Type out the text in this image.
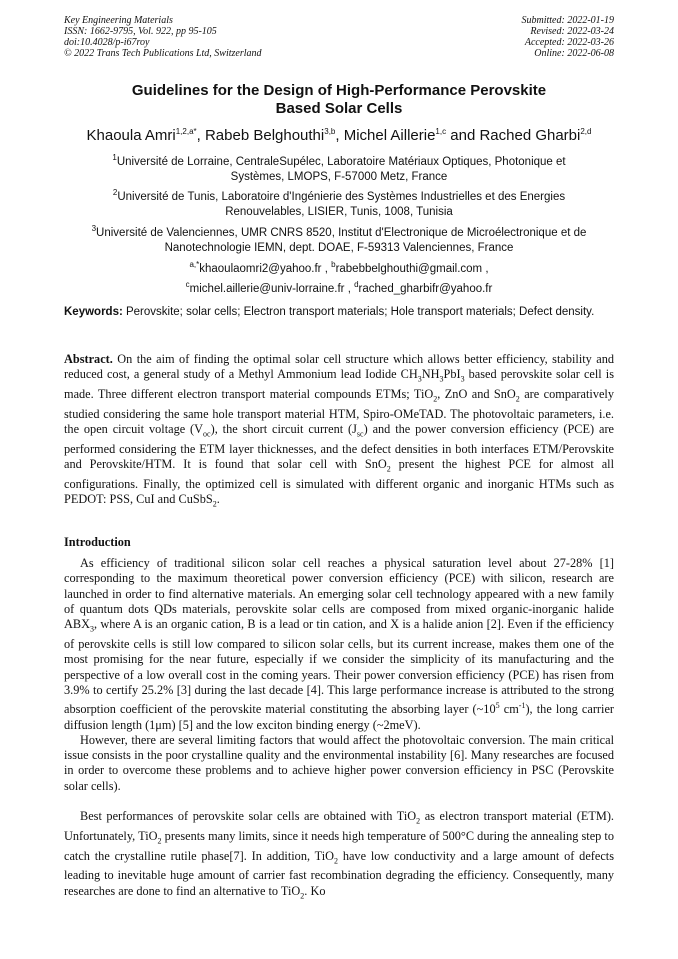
Key Engineering Materials
ISSN: 1662-9795, Vol. 922, pp 95-105
doi:10.4028/p-i67roy
© 2022 Trans Tech Publications Ltd, Switzerland
Submitted: 2022-01-19
Revised: 2022-03-24
Accepted: 2022-03-26
Online: 2022-06-08
Guidelines for the Design of High-Performance Perovskite
Based Solar Cells
Khaoula Amri$^{1,2,a*}$, Rabeb Belghouthi$^{3,b}$, Michel Aillerie$^{1,c}$ and Rached Gharbi$^{2,d}$
$^1$Université de Lorraine, CentraleSupélec, Laboratoire Matériaux Optiques, Photonique et
Systèmes, LMOPS, F-57000 Metz, France
$^2$Université de Tunis, Laboratoire d'Ingénierie des Systèmes Industrielles et des Energies
Renouvelables, LISIER, Tunis, 1008, Tunisia
$^3$Université de Valenciennes, UMR CNRS 8520, Institut d'Electronique de Microélectronique et de
Nanotechnologie IEMN, dept. DOAE, F-59313 Valenciennes, France
$^{a,*}$khaoulaomri2@yahoo.fr , $^b$rabebbelghouthi@gmail.com ,
$^c$michel.aillerie@univ-lorraine.fr , $^d$rached_gharbifr@yahoo.fr
Keywords: Perovskite; solar cells; Electron transport materials; Hole transport materials; Defect density.

Abstract. On the aim of finding the optimal solar cell structure which allows better efficiency, stability and reduced cost, a general study of a Methyl Ammonium lead Iodide $CH_3NH_3PbI_3$ based perovskite solar cell is made. Three different electron transport material compounds ETMs; TiO$_2$, ZnO and SnO$_2$ are comparatively studied considering the same hole transport material HTM, Spiro-OMeTAD. The photovoltaic parameters, i.e. the open circuit voltage $(V_{oc})$, the short circuit current $(J_{sc})$ and the power conversion efficiency (PCE) are performed considering the ETM layer thicknesses, and the defect densities in both interfaces ETM/Perovskite and Perovskite/HTM. It is found that solar cell with SnO$_2$ present the highest PCE for almost all configurations. Finally, the optimized cell is simulated with different organic and inorganic HTMs such as PEDOT: PSS, CuI and CuSbS$_2$.

Introduction

As efficiency of traditional silicon solar cell reaches a physical saturation level about 27-28% [1] corresponding to the maximum theoretical power conversion efficiency (PCE) with silicon, research are launched in order to find alternative materials. An emerging solar cell technology appeared with a new family of quantum dots QDs materials, perovskite solar cells are composed from mixed organic-inorganic halide $ABX_3$, where A is an organic cation, B is a lead or tin cation, and X is a halide anion [2]. Even if the efficiency of perovskite cells is still low compared to silicon solar cells, but its current increase, makes them one of the most promising for the near future, especially if we consider the simplicity of its manufacturing and the perspective of a low overall cost in the coming years. Their power conversion efficiency (PCE) has risen from 3.9% to certify 25.2% [3] during the last decade [4]. This large performance increase is attributed to the strong absorption coefficient of the perovskite material constituting the absorbing layer ($\sim 10^5$ $cm^{-1}$), the long carrier diffusion length (1μm) [5] and the low exciton binding energy (~2meV).

However, there are several limiting factors that would affect the photovoltaic conversion. The main critical issue consists in the poor crystalline quality and the environmental instability [6]. Many researches are focused in order to overcome these problems and to achieve higher power conversion efficiency in PSC (Perovskite solar cells).

Best performances of perovskite solar cells are obtained with TiO$_2$ as electron transport material (ETM). Unfortunately, TiO$_2$ presents many limits, since it needs high temperature of 500°C during the annealing step to catch the crystalline rutile phase[7]. In addition, TiO$_2$ have low conductivity and a large amount of defects leading to inevitable huge amount of carrier fast recombination degrading the efficiency. Consequently, many researches are done to find an alternative to TiO$_2$. Ko
